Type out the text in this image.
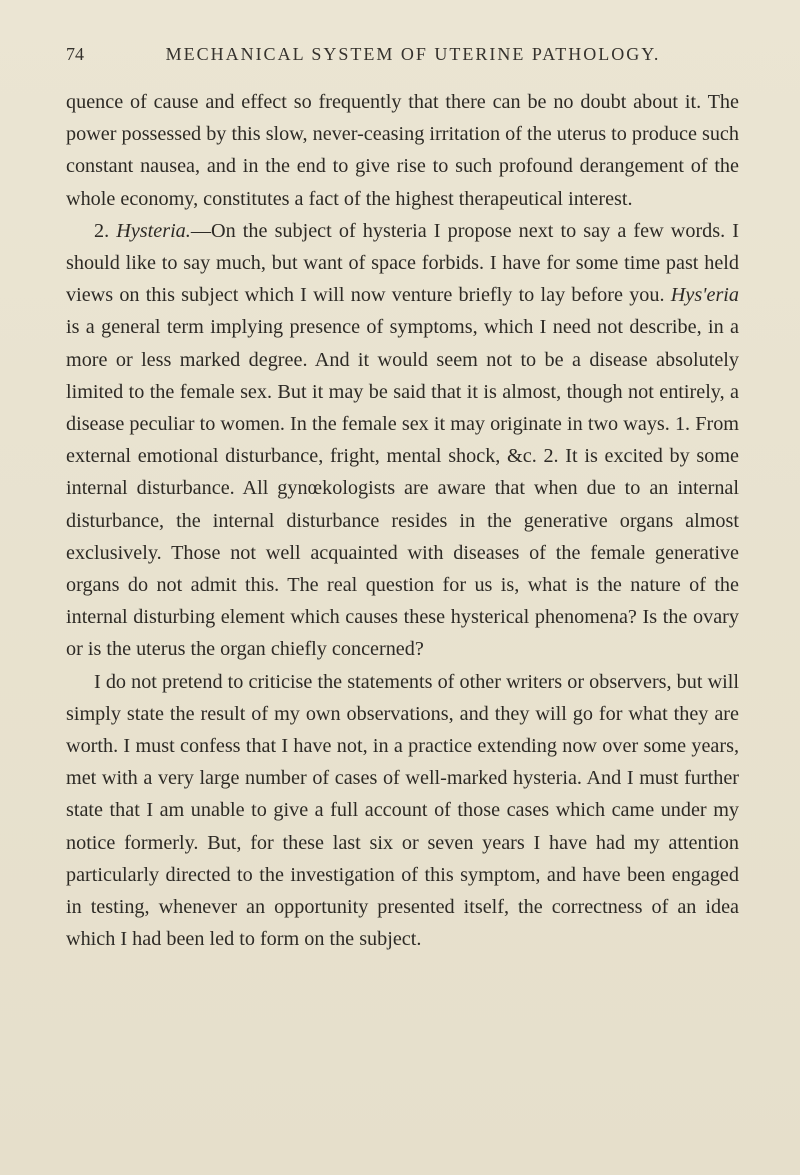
74	MECHANICAL SYSTEM OF UTERINE PATHOLOGY.

quence of cause and effect so frequently that there can be no doubt about it. The power possessed by this slow, never-ceasing irritation of the uterus to produce such constant nausea, and in the end to give rise to such profound derangement of the whole economy, constitutes a fact of the highest therapeutical interest.

2. Hysteria.—On the subject of hysteria I propose next to say a few words. I should like to say much, but want of space forbids. I have for some time past held views on this subject which I will now venture briefly to lay before you. Hys'eria is a general term implying presence of symptoms, which I need not describe, in a more or less marked degree. And it would seem not to be a disease absolutely limited to the female sex. But it may be said that it is almost, though not entirely, a disease peculiar to women. In the female sex it may originate in two ways. 1. From external emotional disturbance, fright, mental shock, &c. 2. It is excited by some internal disturbance. All gynœkologists are aware that when due to an internal disturbance, the internal disturbance resides in the generative organs almost exclusively. Those not well acquainted with diseases of the female generative organs do not admit this. The real question for us is, what is the nature of the internal disturbing element which causes these hysterical phenomena? Is the ovary or is the uterus the organ chiefly concerned?

I do not pretend to criticise the statements of other writers or observers, but will simply state the result of my own observations, and they will go for what they are worth. I must confess that I have not, in a practice extending now over some years, met with a very large number of cases of well-marked hysteria. And I must further state that I am unable to give a full account of those cases which came under my notice formerly. But, for these last six or seven years I have had my attention particularly directed to the investigation of this symptom, and have been engaged in testing, whenever an opportunity presented itself, the correctness of an idea which I had been led to form on the subject.
